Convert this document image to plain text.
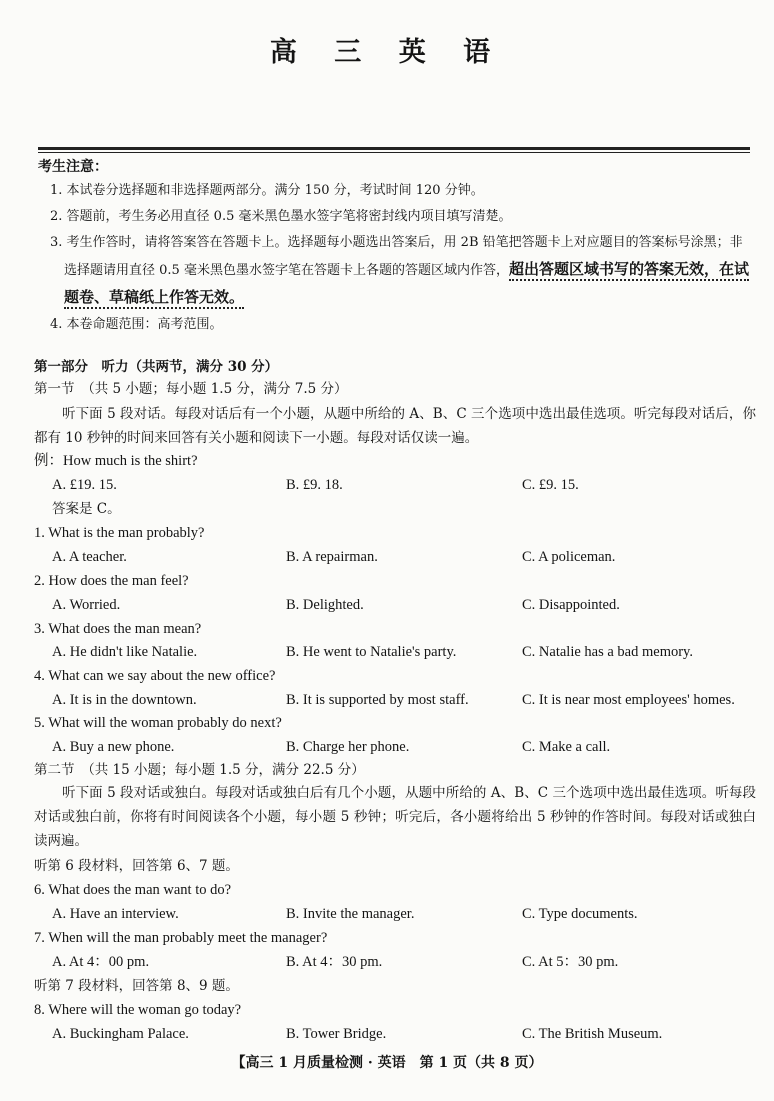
高 三 英 语
考生注意：
1. 本试卷分选择题和非选择题两部分。满分 150 分，考试时间 120 分钟。
2. 答题前，考生务必用直径 0.5 毫米黑色墨水签字笔将密封线内项目填写清楚。
3. 考生作答时，请将答案答在答题卡上。选择题每小题选出答案后，用 2B 铅笔把答题卡上对应题目的答案标号涂黑；非选择题请用直径 0.5 毫米黑色墨水签字笔在答题卡上各题的答题区域内作答，超出答题区域书写的答案无效，在试题卷、草稿纸上作答无效。
4. 本卷命题范围：高考范围。
第一部分　听力（共两节，满分 30 分）
第一节　（共 5 小题；每小题 1.5 分，满分 7.5 分）
听下面 5 段对话。每段对话后有一个小题，从题中所给的 A、B、C 三个选项中选出最佳选项。听完每段对话后，你都有 10 秒钟的时间来回答有关小题和阅读下一小题。每段对话仅读一遍。
例：How much is the shirt?
A. £19. 15.	B. £9. 18.	C. £9. 15.
答案是 C。
1. What is the man probably?
A. A teacher.	B. A repairman.	C. A policeman.
2. How does the man feel?
A. Worried.	B. Delighted.	C. Disappointed.
3. What does the man mean?
A. He didn't like Natalie.	B. He went to Natalie's party.	C. Natalie has a bad memory.
4. What can we say about the new office?
A. It is in the downtown.	B. It is supported by most staff.	C. It is near most employees' homes.
5. What will the woman probably do next?
A. Buy a new phone.	B. Charge her phone.	C. Make a call.
第二节　（共 15 小题；每小题 1.5 分，满分 22.5 分）
听下面 5 段对话或独白。每段对话或独白后有几个小题，从题中所给的 A、B、C 三个选项中选出最佳选项。听每段对话或独白前，你将有时间阅读各个小题，每小题 5 秒钟；听完后，各小题将给出 5 秒钟的作答时间。每段对话或独白读两遍。
听第 6 段材料，回答第 6、7 题。
6. What does the man want to do?
A. Have an interview.	B. Invite the manager.	C. Type documents.
7. When will the man probably meet the manager?
A. At 4：00 pm.	B. At 4：30 pm.	C. At 5：30 pm.
听第 7 段材料，回答第 8、9 题。
8. Where will the woman go today?
A. Buckingham Palace.	B. Tower Bridge.	C. The British Museum.
【高三 1 月质量检测 · 英语　第 1 页（共 8 页）
